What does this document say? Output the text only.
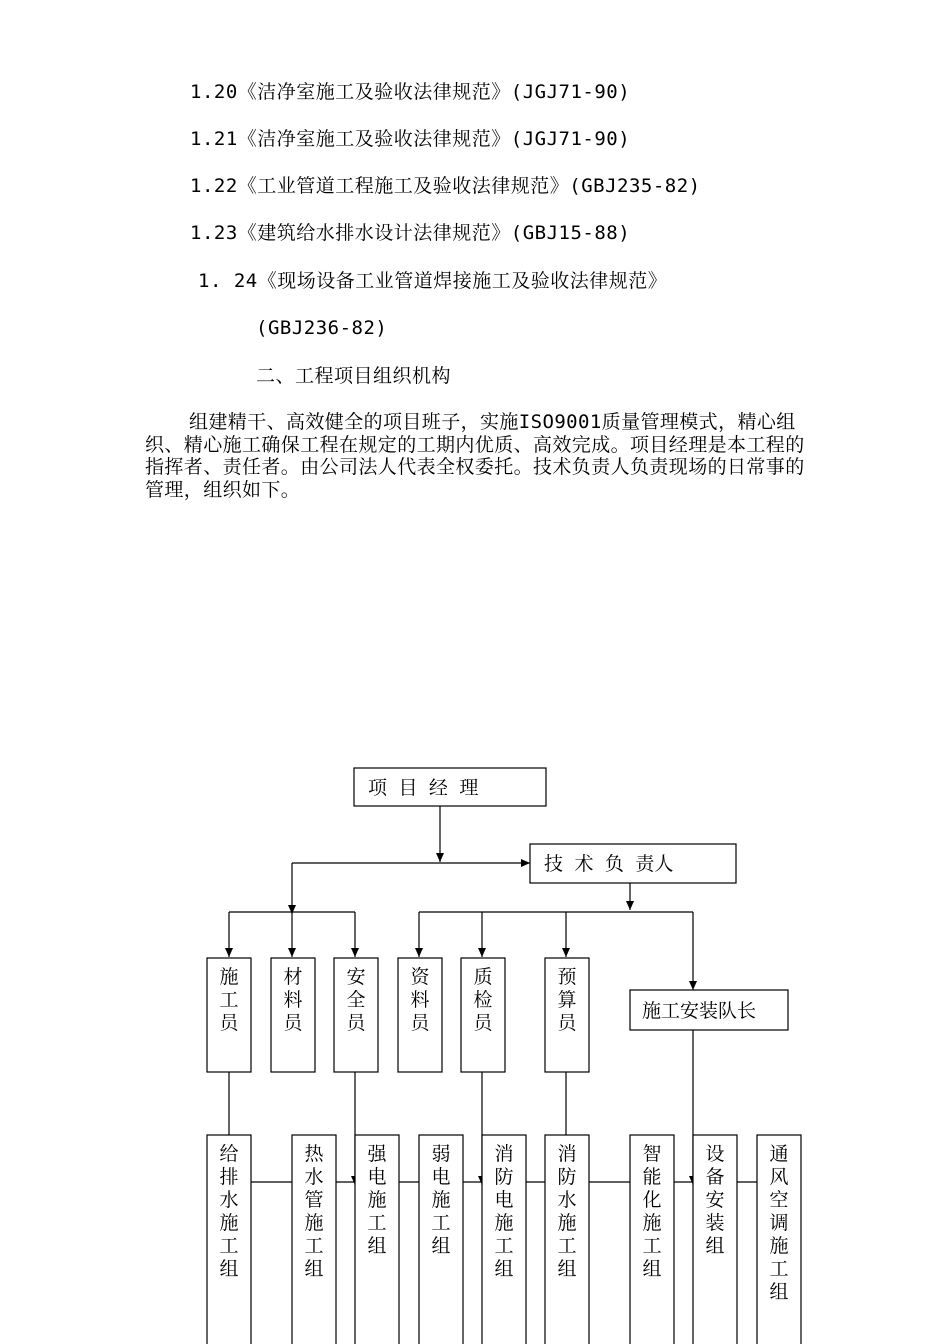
1.20《洁净室施工及验收法律规范》(JGJ71-90)
1.21《洁净室施工及验收法律规范》(JGJ71-90)
1.22《工业管道工程施工及验收法律规范》(GBJ235-82)
1.23《建筑给水排水设计法律规范》(GBJ15-88)
1. 24《现场设备工业管道焊接施工及验收法律规范》
(GBJ236-82)
二、工程项目组织机构
组建精干、高效健全的项目班子，实施ISO9001质量管理模式，精心组织、精心施工确保工程在规定的工期内优质、高效完成。项目经理是本工程的指挥者、责任者。由公司法人代表全权委托。技术负责人负责现场的日常事的管理，组织如下。
项 目 经 理
技 术 负 责人
施工安装队长
施工员
材料员
安全员
资料员
质检员
预算员
给排水施工组
热水管施工组
强电施工组
弱电施工组
消防电施工组
消防水施工组
智能化施工组
设备安装组
通风空调施工组
